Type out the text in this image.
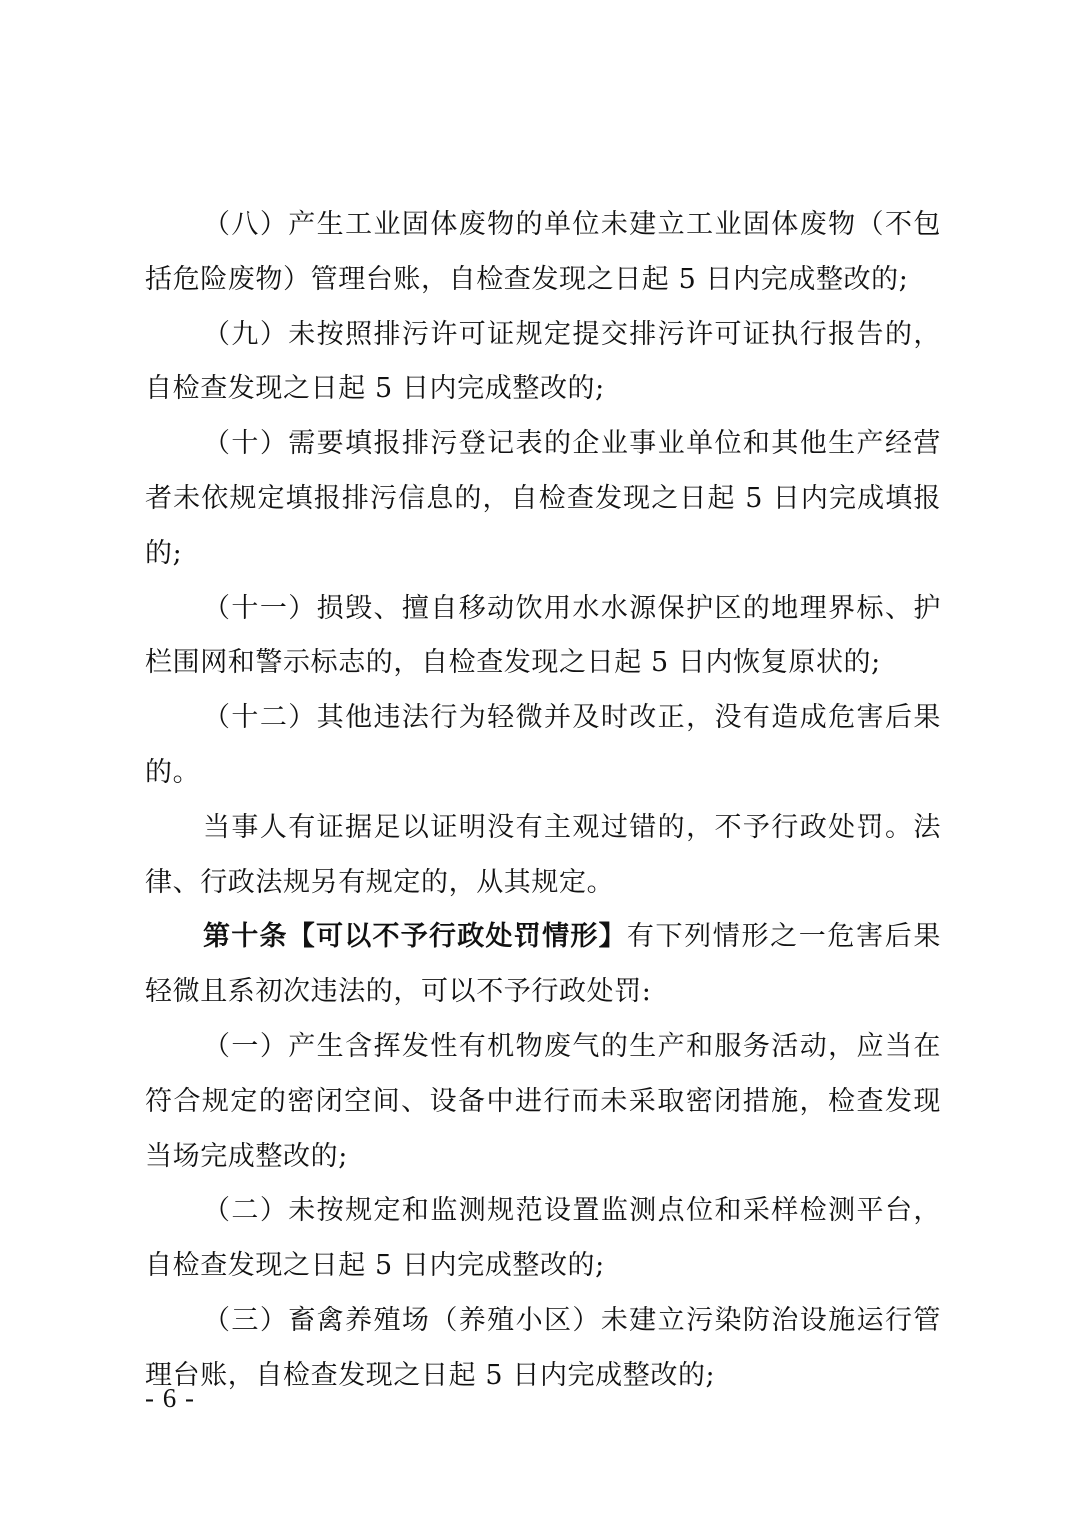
（八）产生工业固体废物的单位未建立工业固体废物（不包括危险废物）管理台账，自检查发现之日起 5 日内完成整改的;

（九）未按照排污许可证规定提交排污许可证执行报告的，自检查发现之日起 5 日内完成整改的;

（十）需要填报排污登记表的企业事业单位和其他生产经营者未依规定填报排污信息的，自检查发现之日起 5 日内完成填报的;

（十一）损毁、擅自移动饮用水水源保护区的地理界标、护栏围网和警示标志的，自检查发现之日起 5 日内恢复原状的;

（十二）其他违法行为轻微并及时改正，没有造成危害后果的。

当事人有证据足以证明没有主观过错的，不予行政处罚。法律、行政法规另有规定的，从其规定。

第十条【可以不予行政处罚情形】有下列情形之一危害后果轻微且系初次违法的，可以不予行政处罚:

（一）产生含挥发性有机物废气的生产和服务活动，应当在符合规定的密闭空间、设备中进行而未采取密闭措施，检查发现当场完成整改的;

（二）未按规定和监测规范设置监测点位和采样检测平台，自检查发现之日起 5 日内完成整改的;

（三）畜禽养殖场（养殖小区）未建立污染防治设施运行管理台账，自检查发现之日起 5 日内完成整改的;

- 6 -
